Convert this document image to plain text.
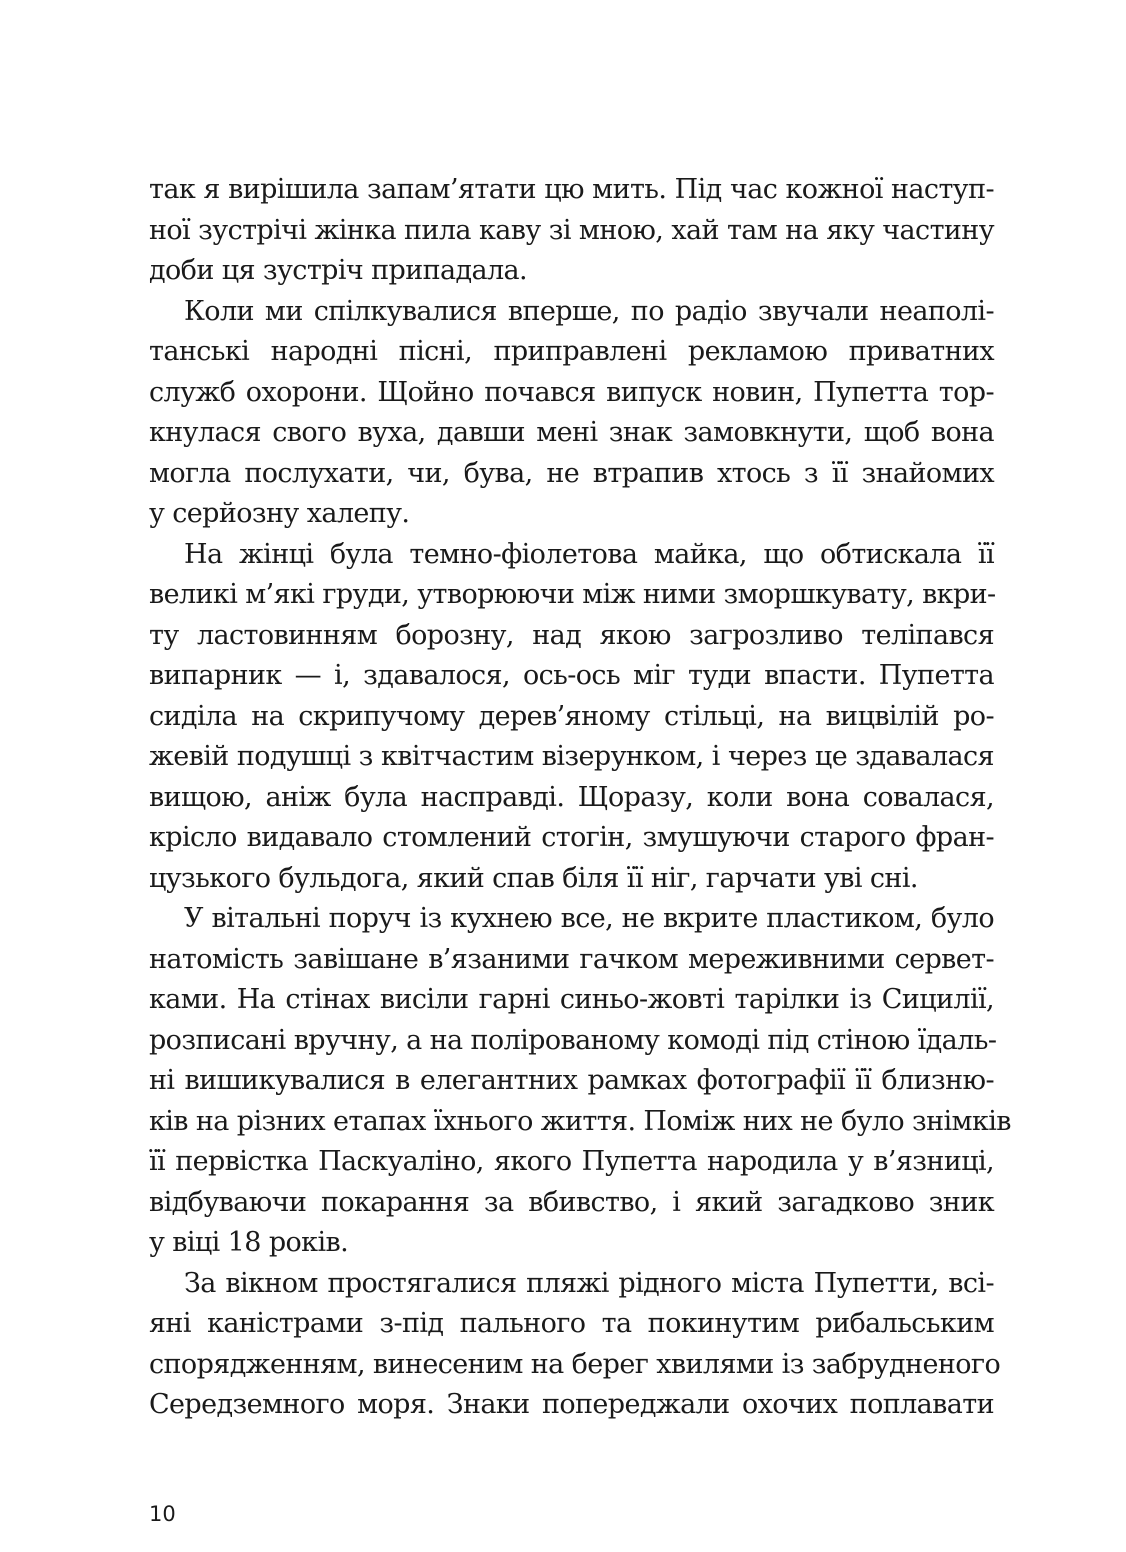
так я вирішила запам’ятати цю мить. Під час кожної наступ-
ної зустрічі жінка пила каву зі мною, хай там на яку частину
доби ця зустріч припадала.
Коли ми спілкувалися вперше, по радіо звучали неаполі-
танські народні пісні, приправлені рекламою приватних
служб охорони. Щойно почався випуск новин, Пупетта тор-
кнулася свого вуха, давши мені знак замовкнути, щоб вона
могла послухати, чи, бува, не втрапив хтось з її знайомих
у серйозну халепу.
На жінці була темно-фіолетова майка, що обтискала її
великі м’які груди, утворюючи між ними зморшкувату, вкри-
ту ластовинням борозну, над якою загрозливо теліпався
випарник — і, здавалося, ось-ось міг туди впасти. Пупетта
сиділа на скрипучому дерев’яному стільці, на вицвілій ро-
жевій подушці з квітчастим візерунком, і через це здавалася
вищою, аніж була насправді. Щоразу, коли вона совалася,
крісло видавало стомлений стогін, змушуючи старого фран-
цузького бульдога, який спав біля її ніг, гарчати уві сні.
У вітальні поруч із кухнею все, не вкрите пластиком, було
натомість завішане в’язаними гачком мереживними сервет-
ками. На стінах висіли гарні синьо-жовті тарілки із Сицилії,
розписані вручну, а на полірованому комоді під стіною їдаль-
ні вишикувалися в елегантних рамках фотографії її близню-
ків на різних етапах їхнього життя. Поміж них не було знімків
її первістка Паскуаліно, якого Пупетта народила у в’язниці,
відбуваючи покарання за вбивство, і який загадково зник
у віці 18 років.
За вікном простягалися пляжі рідного міста Пупетти, всі-
яні каністрами з-під пального та покинутим рибальським
спорядженням, винесеним на берег хвилями із забрудненого
Середземного моря. Знаки попереджали охочих поплавати
10
